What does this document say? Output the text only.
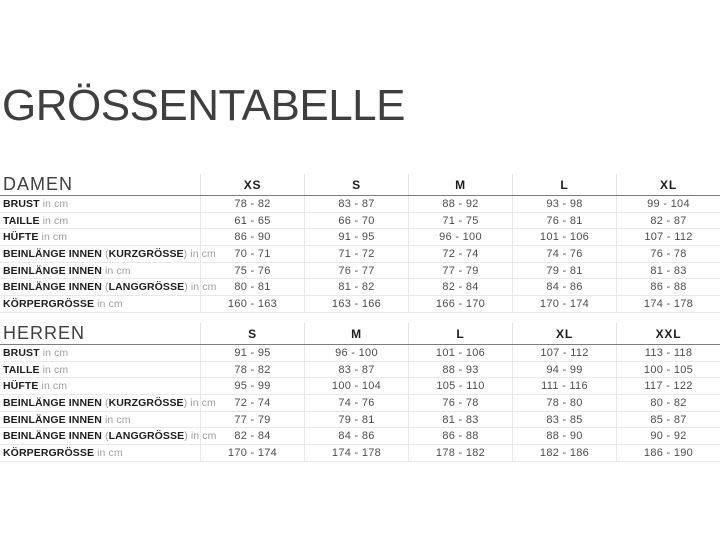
GRÖSSENTABELLE
DAMEN	XS	S	M	L	XL
BRUST in cm	78 - 82	83 - 87	88 - 92	93 - 98	99 - 104
TAILLE in cm	61 - 65	66 - 70	71 - 75	76 - 81	82 - 87
HÜFTE in cm	86 - 90	91 - 95	96 - 100	101 - 106	107 - 112
BEINLÄNGE INNEN ( KURZGRÖSSE ) in cm	70 - 71	71 - 72	72 - 74	74 - 76	76 - 78
BEINLÄNGE INNEN in cm	75 - 76	76 - 77	77 - 79	79 - 81	81 - 83
BEINLÄNGE INNEN ( LANGGRÖSSE ) in cm	80 - 81	81 - 82	82 - 84	84 - 86	86 - 88
KÖRPERGRÖSSE in cm	160 - 163	163 - 166	166 - 170	170 - 174	174 - 178
HERREN	S	M	L	XL	XXL
BRUST in cm	91 - 95	96 - 100	101 - 106	107 - 112	113 - 118
TAILLE in cm	78 - 82	83 - 87	88 - 93	94 - 99	100 - 105
HÜFTE in cm	95 - 99	100 - 104	105 - 110	111 - 116	117 - 122
BEINLÄNGE INNEN ( KURZGRÖSSE ) in cm	72 - 74	74 - 76	76 - 78	78 - 80	80 - 82
BEINLÄNGE INNEN in cm	77 - 79	79 - 81	81 - 83	83 - 85	85 - 87
BEINLÄNGE INNEN ( LANGGRÖSSE ) in cm	82 - 84	84 - 86	86 - 88	88 - 90	90 - 92
KÖRPERGRÖSSE in cm	170 - 174	174 - 178	178 - 182	182 - 186	186 - 190
